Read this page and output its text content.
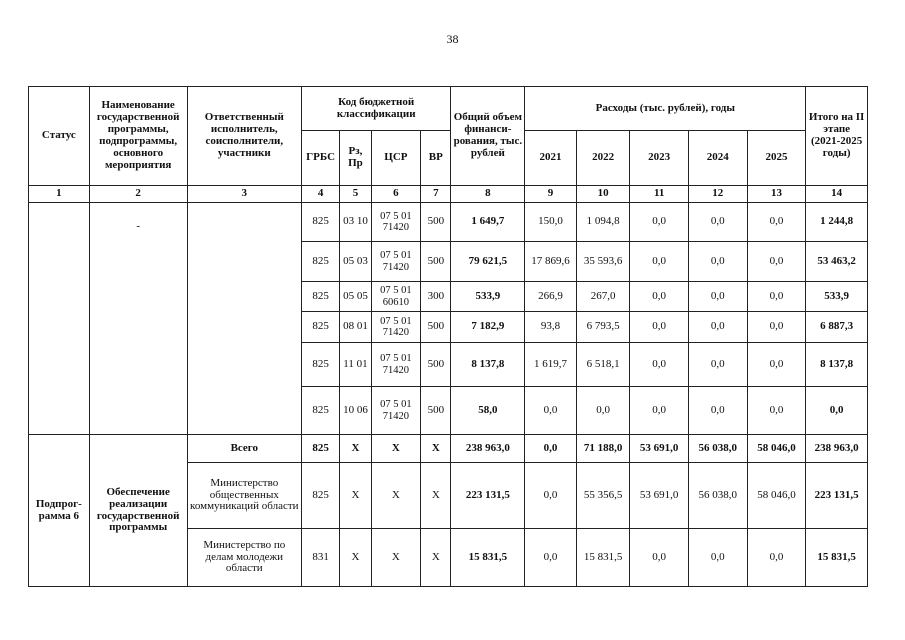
38
Статус	Наименование государственной программы, подпрограммы, основного мероприятия	Ответственный исполнитель, соисполнители, участники	Код бюджетной классификации				Общий объем финанси-рования, тыс. рублей	Расходы (тыс. рублей), годы					Итого на II этапе (2021-2025 годы)
			ГРБС	Рз, Пр	ЦСР	ВР		2021	2022	2023	2024	2025	
1	2	3	4	5	6	7	8	9	10	11	12	13	14
	-		825	03 10	07 5 01 71420	500	1 649,7	150,0	1 094,8	0,0	0,0	0,0	1 244,8
			825	05 03	07 5 01 71420	500	79 621,5	17 869,6	35 593,6	0,0	0,0	0,0	53 463,2
			825	05 05	07 5 01 60610	300	533,9	266,9	267,0	0,0	0,0	0,0	533,9
			825	08 01	07 5 01 71420	500	7 182,9	93,8	6 793,5	0,0	0,0	0,0	6 887,3
			825	11 01	07 5 01 71420	500	8 137,8	1 619,7	6 518,1	0,0	0,0	0,0	8 137,8
			825	10 06	07 5 01 71420	500	58,0	0,0	0,0	0,0	0,0	0,0	0,0
Подпрог-рамма 6	Обеспечение реализации государственной программы	Всего	825	Х	Х	Х	238 963,0	0,0	71 188,0	53 691,0	56 038,0	58 046,0	238 963,0
		Министерство общественных коммуникаций области	825	Х	Х	Х	223 131,5	0,0	55 356,5	53 691,0	56 038,0	58 046,0	223 131,5
		Министерство по делам молодежи области	831	Х	Х	Х	15 831,5	0,0	15 831,5	0,0	0,0	0,0	15 831,5
